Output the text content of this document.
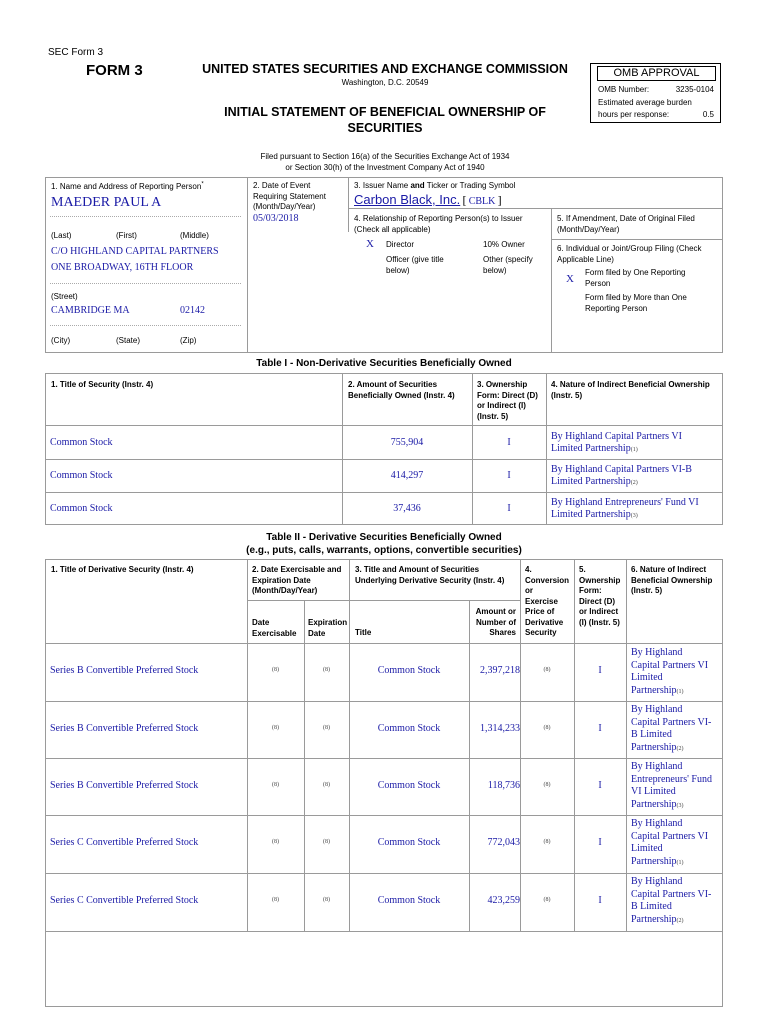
SEC Form 3
FORM 3	UNITED STATES SECURITIES AND EXCHANGE COMMISSION
Washington, D.C. 20549
INITIAL STATEMENT OF BENEFICIAL OWNERSHIP OF
SECURITIES
OMB APPROVAL
OMB Number:	3235-0104
Estimated average burden
hours per response:	0.5
Filed pursuant to Section 16(a) of the Securities Exchange Act of 1934
or Section 30(h) of the Investment Company Act of 1940
1. Name and Address of Reporting Person*
MAEDER PAUL A
(Last)	(First)	(Middle)
C/O HIGHLAND CAPITAL PARTNERS
ONE BROADWAY, 16TH FLOOR
(Street)
CAMBRIDGE MA	02142
(City)	(State)	(Zip)
2. Date of Event
Requiring Statement
(Month/Day/Year)
05/03/2018
3. Issuer Name and Ticker or Trading Symbol
Carbon Black, Inc. [ CBLK ]
4. Relationship of Reporting Person(s) to Issuer
(Check all applicable)
X Director	10% Owner
Officer (give title
below)
Other (specify
below)
5. If Amendment, Date of Original Filed
(Month/Day/Year)
6. Individual or Joint/Group Filing (Check
Applicable Line)
X
Form filed by One Reporting
Person
Form filed by More than One
Reporting Person
Table I - Non-Derivative Securities Beneficially Owned
1. Title of Security (Instr. 4)	2. Amount of Securities
Beneficially Owned (Instr. 4)
3. Ownership
Form: Direct (D)
or Indirect (I)
(Instr. 5)
4. Nature of Indirect Beneficial Ownership
(Instr. 5)
Common Stock	755,904	I
By Highland Capital Partners VI
Limited Partnership(1)
Common Stock	414,297	I
By Highland Capital Partners VI-B
Limited Partnership(2)
Common Stock	37,436	I
By Highland Entrepreneurs' Fund VI
Limited Partnership(3)
Table II - Derivative Securities Beneficially Owned
(e.g., puts, calls, warrants, options, convertible securities)
1. Title of Derivative Security (Instr. 4)	2. Date Exercisable and
Expiration Date
(Month/Day/Year)
3. Title and Amount of Securities
Underlying Derivative Security (Instr. 4)
4.
Conversion
or
Exercise
Price of
Derivative
Security
5.
Ownership
Form:
Direct (D)
or Indirect
(I) (Instr. 5)
6. Nature of Indirect
Beneficial Ownership
(Instr. 5)
Date
Exercisable
Expiration
Date	Title
Amount or
Number of
Shares
Series B Convertible Preferred Stock	(8)	(8)	Common Stock	2,397,218	(8)	I
By Highland
Capital Partners VI
Limited
Partnership(1)
Series B Convertible Preferred Stock	(8)	(8)	Common Stock	1,314,233	(8)	I
By Highland
Capital Partners VI-
B Limited
Partnership(2)
Series B Convertible Preferred Stock	(8)	(8)	Common Stock	118,736	(8)	I
By Highland
Entrepreneurs' Fund
VI Limited
Partnership(3)
Series C Convertible Preferred Stock	(8)	(8)	Common Stock	772,043	(8)	I
By Highland
Capital Partners VI
Limited
Partnership(1)
Series C Convertible Preferred Stock	(8)	(8)	Common Stock	423,259	(8)	I
By Highland
Capital Partners VI-
B Limited
Partnership(2)
